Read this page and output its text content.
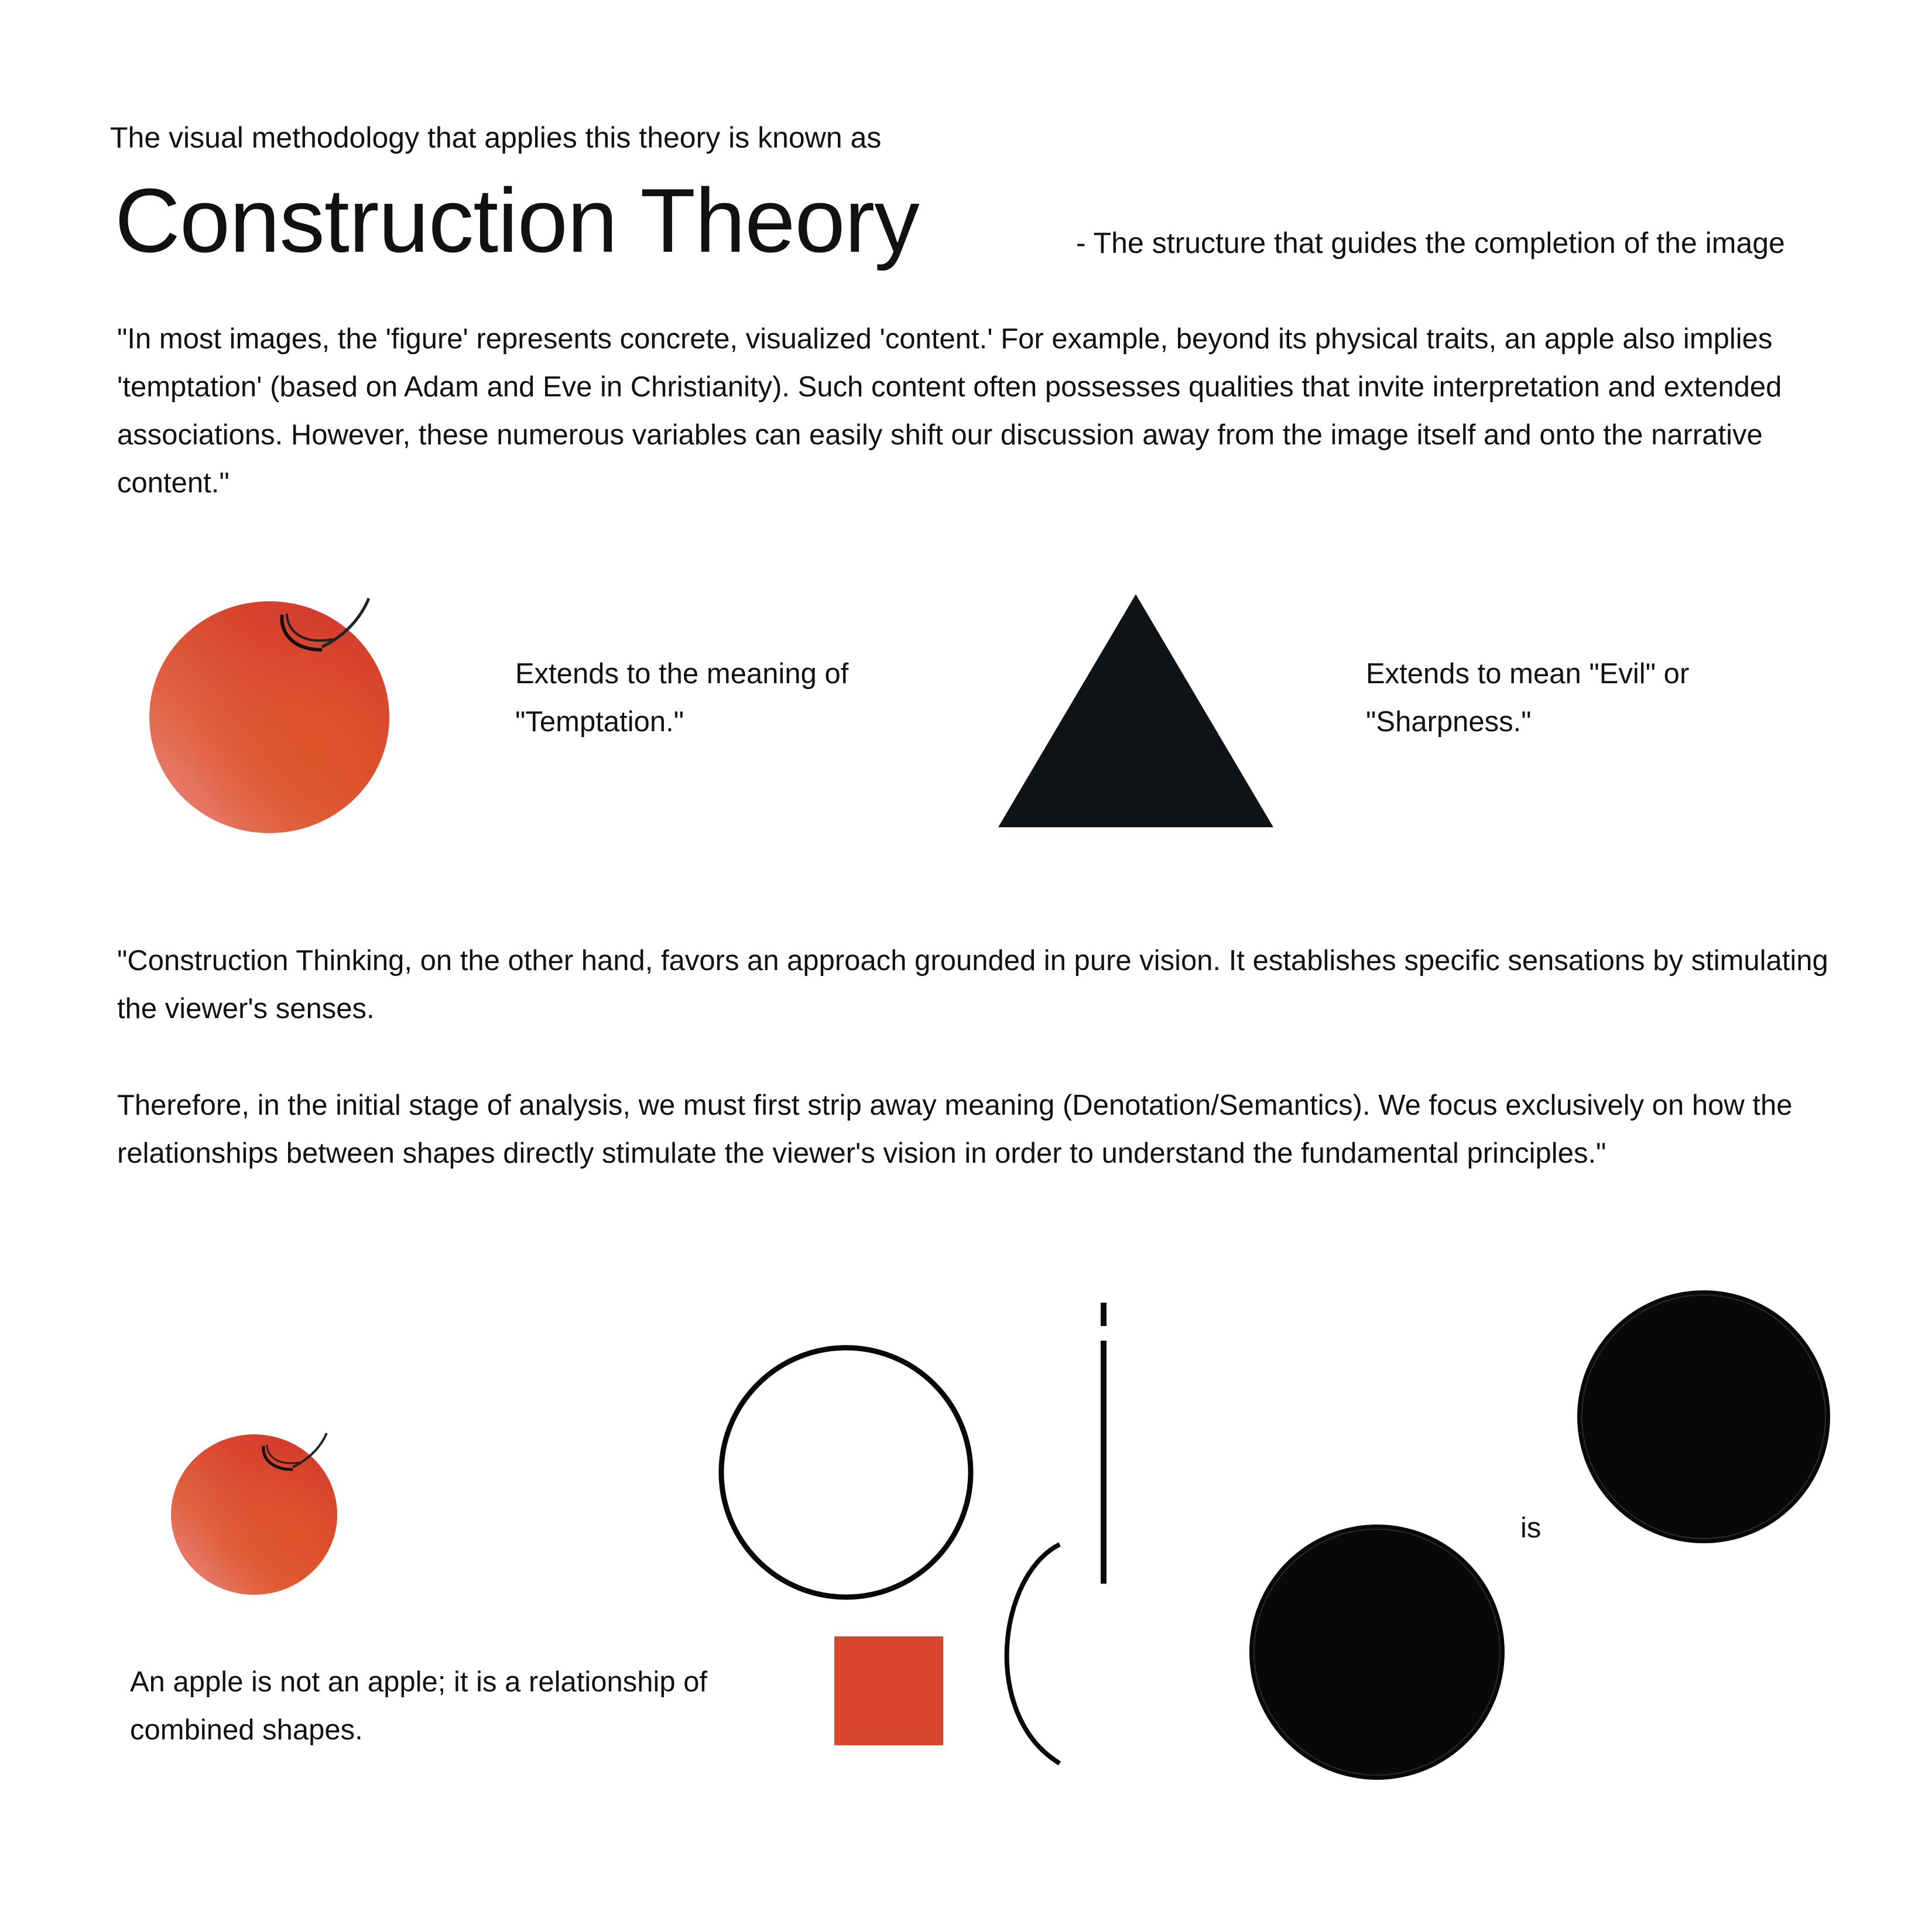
The visual methodology that applies this theory is known as
Construction Theory	- The structure that guides the completion of the image

"In most images, the 'figure' represents concrete, visualized 'content.' For example, beyond its physical traits, an apple also implies 'temptation' (based on Adam and Eve in Christianity). Such content often possesses qualities that invite interpretation and extended associations. However, these numerous variables can easily shift our discussion away from the image itself and onto the narrative content."

Extends to the meaning of "Temptation."

Extends to mean "Evil" or "Sharpness."

"Construction Thinking, on the other hand, favors an approach grounded in pure vision. It establishes specific sensations by stimulating the viewer's senses.

Therefore, in the initial stage of analysis, we must first strip away meaning (Denotation/Semantics). We focus exclusively on how the relationships between shapes directly stimulate the viewer's vision in order to understand the fundamental principles."

An apple is not an apple; it is a relationship of combined shapes.

is
